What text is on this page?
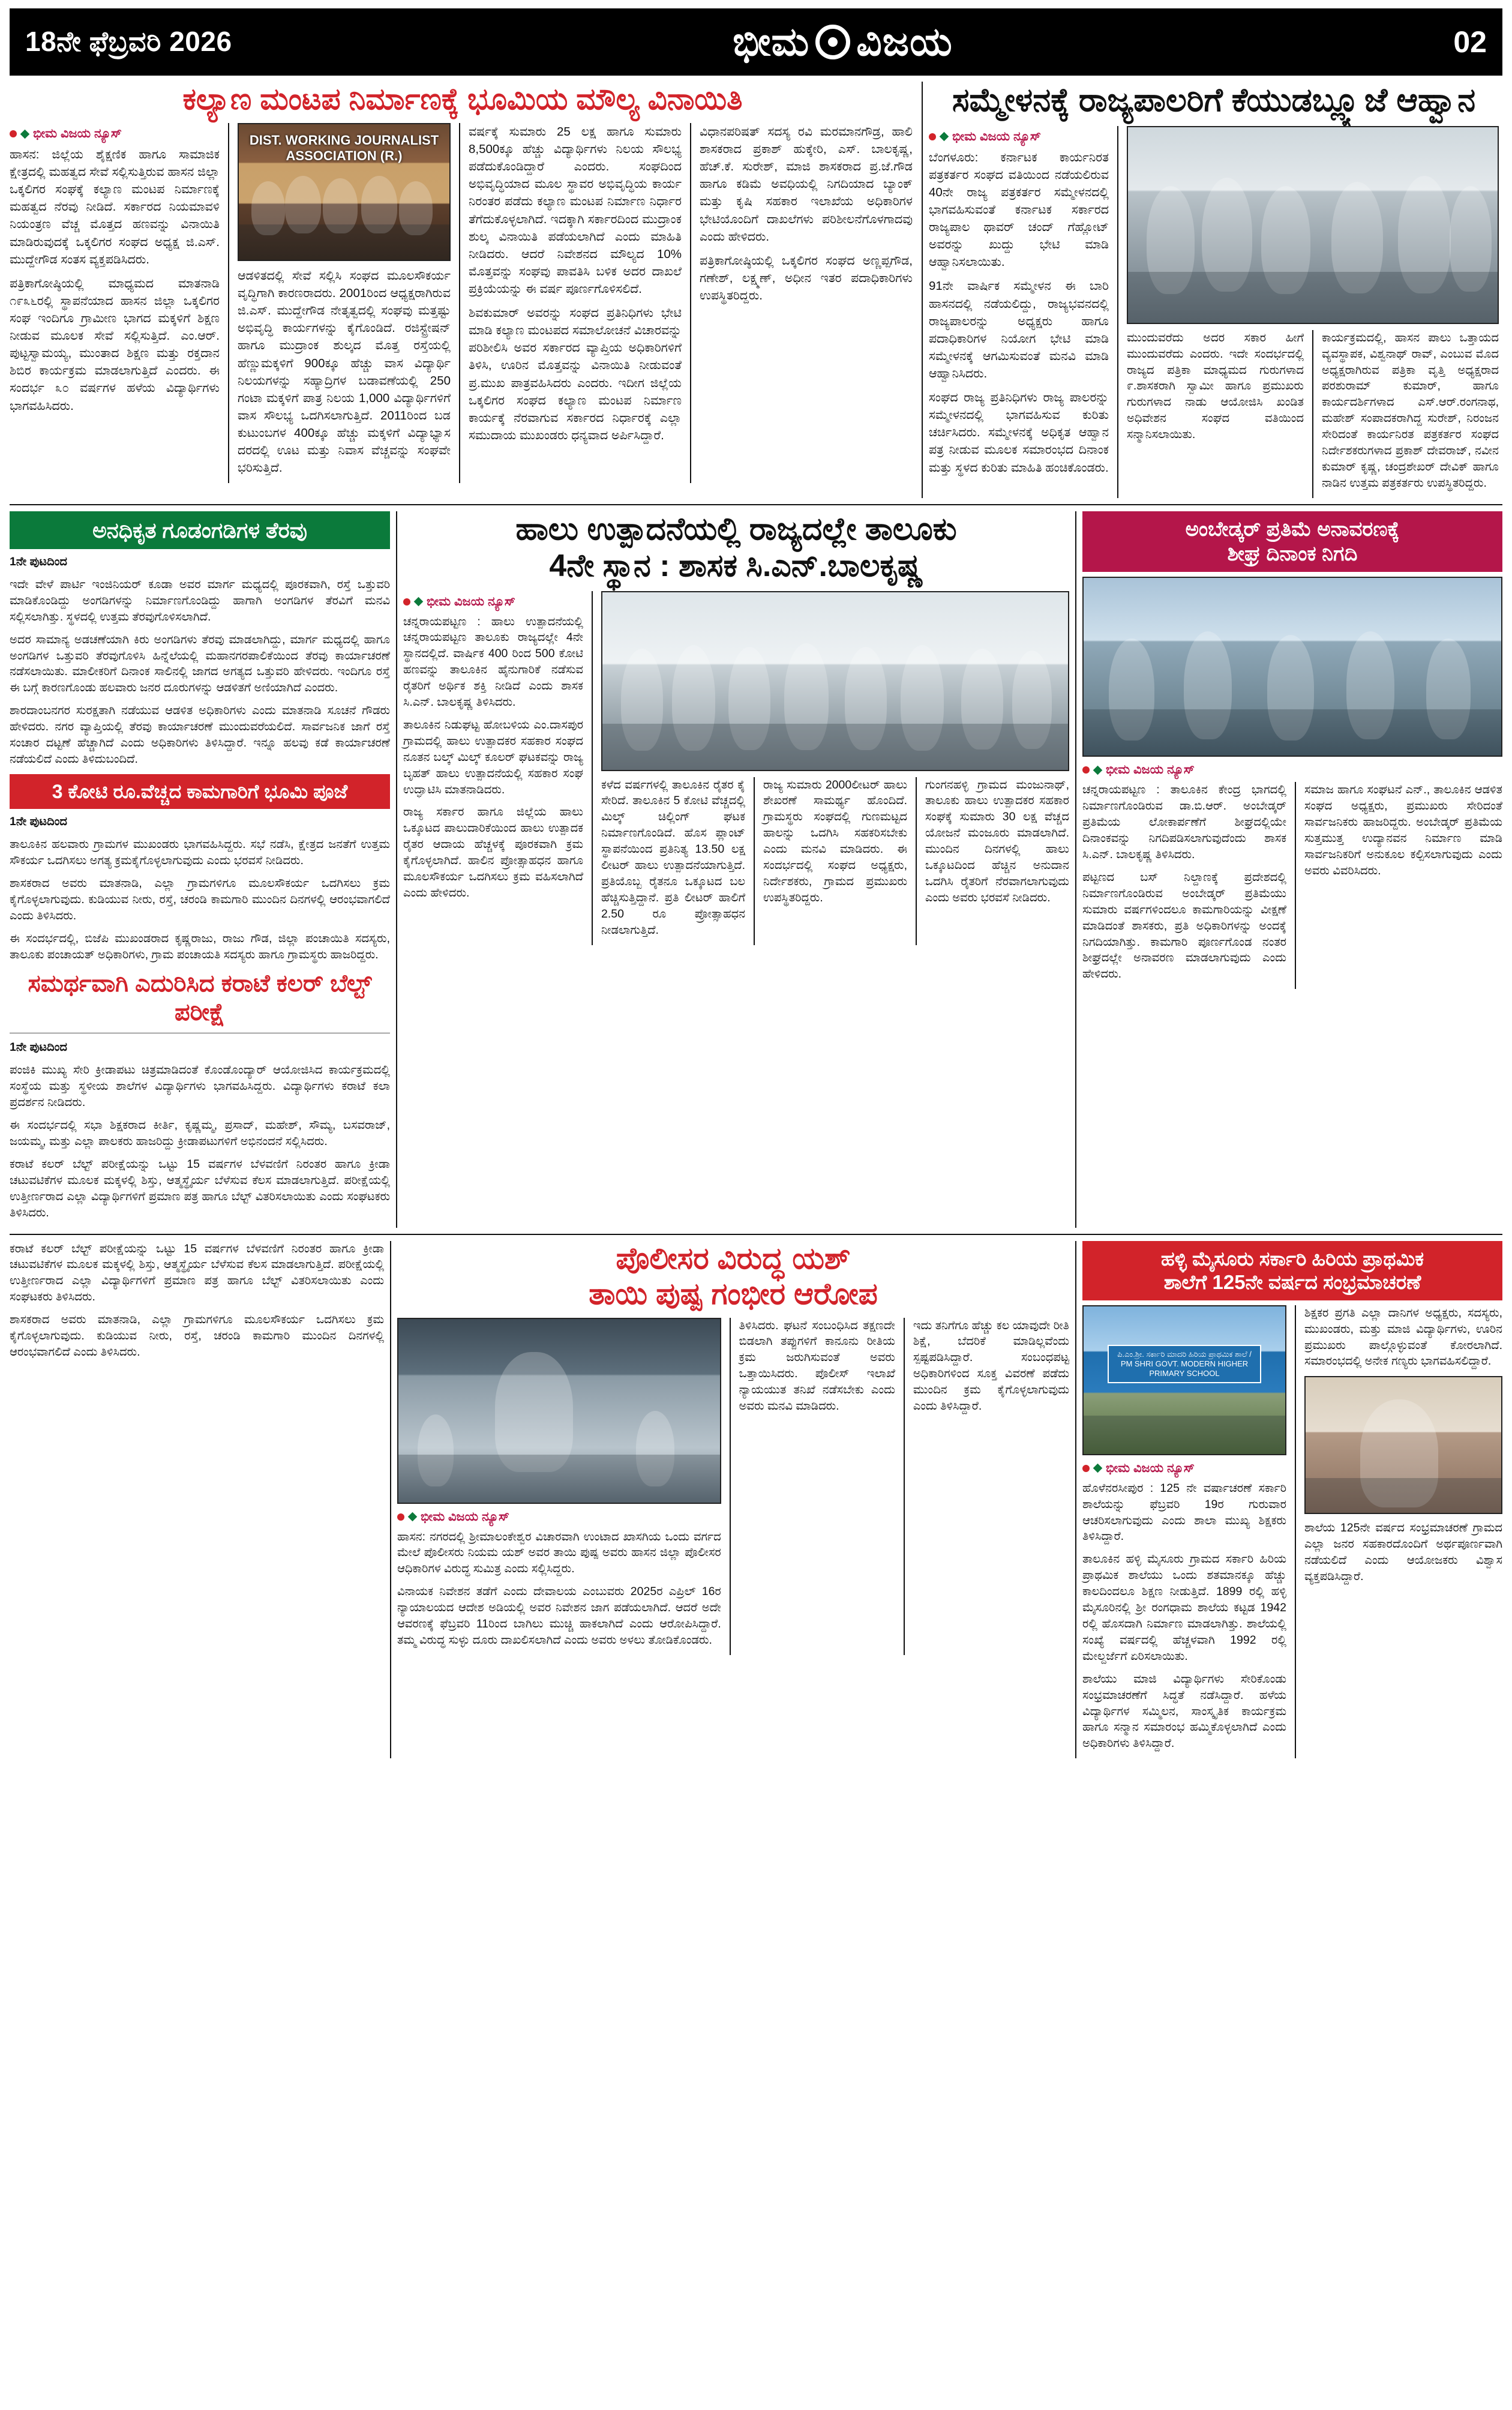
18ನೇ ಫೆಬ್ರವರಿ 2026	ಭೀಮ ವಿಜಯ	02
ಕಲ್ಯಾಣ ಮಂಟಪ ನಿರ್ಮಾಣಕ್ಕೆ ಭೂಮಿಯ ಮೌಲ್ಯ ವಿನಾಯಿತಿ
ಭೀಮ ವಿಜಯ ನ್ಯೂಸ್

ಹಾಸನ: ಜಿಲ್ಲೆಯ ಶೈಕ್ಷಣಿಕ ಹಾಗೂ ಸಾಮಾಜಿಕ ಕ್ಷೇತ್ರದಲ್ಲಿ ಮಹತ್ವದ ಸೇವೆ ಸಲ್ಲಿಸುತ್ತಿರುವ ಹಾಸನ ಜಿಲ್ಲಾ ಒಕ್ಕಲಿಗರ ಸಂಘಕ್ಕೆ ಕಲ್ಯಾಣ ಮಂಟಪ ನಿರ್ಮಾಣಕ್ಕೆ ಮಹತ್ವದ ನೆರವು ನೀಡಿದೆ. ಸರ್ಕಾರದ ನಿಯಮಾವಳಿ ನಿಯಂತ್ರಣ ವೆಚ್ಚ ಮೊತ್ತದ ಹಣವನ್ನು ವಿನಾಯಿತಿ ಮಾಡಿರುವುದಕ್ಕೆ ಒಕ್ಕಲಿಗರ ಸಂಘದ ಅಧ್ಯಕ್ಷ ಜಿ.ಎಸ್. ಮುದ್ದೇಗೌಡ ಸಂತಸ ವ್ಯಕ್ತಪಡಿಸಿದರು.

ಪತ್ರಿಕಾಗೋಷ್ಠಿಯಲ್ಲಿ ಮಾಧ್ಯಮದ ಮಾತನಾಡಿ ೧೯೩೬ರಲ್ಲಿ ಸ್ಥಾಪನೆಯಾದ ಹಾಸನ ಜಿಲ್ಲಾ ಒಕ್ಕಲಿಗರ ಸಂಘ ಇಂದಿಗೂ ಗ್ರಾಮೀಣ ಭಾಗದ ಮಕ್ಕಳಿಗೆ ಶಿಕ್ಷಣ ನೀಡುವ ಮೂಲಕ ಸೇವೆ ಸಲ್ಲಿಸುತ್ತಿದೆ. ಎಂ.ಆರ್. ಪುಟ್ಟಸ್ವಾಮಯ್ಯ, ಮುಂತಾದ ಶಿಕ್ಷಣ ಮತ್ತು ರಕ್ತದಾನ ಶಿಬಿರ ಕಾರ್ಯಕ್ರಮ ಮಾಡಲಾಗುತ್ತಿದೆ ಎಂದರು. ಈ ಸಂದರ್ಭ ೩೦ ವರ್ಷಗಳ ಹಳೆಯ ವಿದ್ಯಾರ್ಥಿಗಳು ಭಾಗವಹಿಸಿದರು.

DIST. WORKING JOURNALIST ASSOCIATION (R.)

ಆಡಳಿತದಲ್ಲಿ ಸೇವೆ ಸಲ್ಲಿಸಿ ಸಂಘದ ಮೂಲಸೌಕರ್ಯ ವೃದ್ಧಿಗಾಗಿ ಕಾರಣರಾದರು. 2001ರಿಂದ ಆಧ್ಯಕ್ಷರಾಗಿರುವ ಜಿ.ಎಸ್. ಮುದ್ದೇಗೌಡ ನೇತೃತ್ವದಲ್ಲಿ ಸಂಘವು ಮತ್ತಷ್ಟು ಅಭಿವೃದ್ಧಿ ಕಾರ್ಯಗಳನ್ನು ಕೈಗೊಂಡಿದೆ. ರಜಿಸ್ಟ್ರೇಷನ್ ಹಾಗೂ ಮುದ್ರಾಂಕ ಶುಲ್ಕದ ಮೊತ್ತ ರಸ್ತೆಯಲ್ಲಿ ಹೆಣ್ಣುಮಕ್ಕಳಿಗೆ 900ಕ್ಕೂ ಹೆಚ್ಚು ವಾಸ ವಿದ್ಯಾರ್ಥಿ ನಿಲಯಗಳನ್ನು ಸಹ್ಯಾದ್ರಿಗಳ ಬಡಾವಣೆಯಲ್ಲಿ 250 ಗಂಟಾ ಮಕ್ಕಳಿಗೆ ಪಾತ್ರ ನಿಲಯ 1,000 ವಿದ್ಯಾರ್ಥಿಗಳಿಗೆ ವಾಸ ಸೌಲಭ್ಯ ಒದಗಿಸಲಾಗುತ್ತಿದೆ. 2011ರಿಂದ ಬಡ ಕುಟುಂಬಗಳ 400ಕ್ಕೂ ಹೆಚ್ಚು ಮಕ್ಕಳಿಗೆ ವಿದ್ಯಾಭ್ಯಾಸ ದರದಲ್ಲಿ ಊಟ ಮತ್ತು ನಿವಾಸ ವೆಚ್ಚವನ್ನು ಸಂಘವೇ ಭರಿಸುತ್ತಿದೆ.

ವರ್ಷಕ್ಕೆ ಸುಮಾರು 25 ಲಕ್ಷ ಹಾಗೂ ಸುಮಾರು 8,500ಕ್ಕೂ ಹೆಚ್ಚು ವಿದ್ಯಾರ್ಥಿಗಳು ನಿಲಯ ಸೌಲಭ್ಯ ಪಡೆದುಕೊಂಡಿದ್ದಾರೆ ಎಂದರು. ಸಂಘದಿಂದ ಅಭಿವೃದ್ಧಿಯಾದ ಮೂಲ ಸ್ಥಾವರ ಅಭಿವೃದ್ಧಿಯ ಕಾರ್ಯ ನಿರಂತರ ಪಡೆದು ಕಲ್ಯಾಣ ಮಂಟಪ ನಿರ್ಮಾಣ ನಿರ್ಧಾರ ತೆಗೆದುಕೊಳ್ಳಲಾಗಿದೆ. ಇದಕ್ಕಾಗಿ ಸರ್ಕಾರದಿಂದ ಮುದ್ರಾಂಕ ಶುಲ್ಕ ವಿನಾಯಿತಿ ಪಡೆಯಲಾಗಿದೆ ಎಂದು ಮಾಹಿತಿ ನೀಡಿದರು. ಆದರೆ ನಿವೇಶನದ ಮೌಲ್ಯದ 10% ಮೊತ್ತವನ್ನು ಸಂಘವು ಪಾವತಿಸಿ ಬಳಿಕ ಅದರ ದಾಖಲೆ ಪ್ರಕ್ರಿಯೆಯನ್ನು ಈ ವರ್ಷ ಪೂರ್ಣಗೊಳಿಸಲಿದೆ.

ಶಿವಕುಮಾರ್ ಅವರನ್ನು ಸಂಘದ ಪ್ರತಿನಿಧಿಗಳು ಭೇಟಿ ಮಾಡಿ ಕಲ್ಯಾಣ ಮಂಟಪದ ಸಮಾಲೋಚನೆ ವಿಚಾರವನ್ನು ಪರಿಶೀಲಿಸಿ ಅವರ ಸರ್ಕಾರದ ವ್ಯಾಪ್ತಿಯ ಅಧಿಕಾರಿಗಳಿಗೆ ತಿಳಿಸಿ, ಊರಿನ ಮೊತ್ತವನ್ನು ವಿನಾಯಿತಿ ನೀಡುವಂತೆ ಪ್ರ.ಮುಖ ಪಾತ್ರವಹಿಸಿದರು ಎಂದರು. ಇದೀಗ ಜಿಲ್ಲೆಯ ಒಕ್ಕಲಿಗರ ಸಂಘದ ಕಲ್ಯಾಣ ಮಂಟಪ ನಿರ್ಮಾಣ ಕಾರ್ಯಕ್ಕೆ ನೆರವಾಗುವ ಸರ್ಕಾರದ ನಿರ್ಧಾರಕ್ಕೆ ಎಲ್ಲಾ ಸಮುದಾಯ ಮುಖಂಡರು ಧನ್ಯವಾದ ಅರ್ಪಿಸಿದ್ದಾರೆ.

ವಿಧಾನಪರಿಷತ್ ಸದಸ್ಯ ರವಿ ಮರಮಾನಗೌಡ್ರ, ಹಾಲಿ ಶಾಸಕರಾದ ಪ್ರಕಾಶ್ ಹುಕ್ಕೇರಿ, ಎಸ್. ಬಾಲಕೃಷ್ಣ, ಹೆಚ್.ಕೆ. ಸುರೇಶ್, ಮಾಜಿ ಶಾಸಕರಾದ ಪ್ರ.ಜೆ.ಗೌಡ ಹಾಗೂ ಕಡಿಮೆ ಅವಧಿಯಲ್ಲಿ ನಿಗದಿಯಾದ ಬ್ಯಾಂಕ್ ಮತ್ತು ಕೃಷಿ ಸಹಕಾರ ಇಲಾಖೆಯ ಅಧಿಕಾರಿಗಳ ಭೇಟಿಯೊಂದಿಗೆ ದಾಖಲೆಗಳು ಪರಿಶೀಲನೆಗೊಳಗಾದವು ಎಂದು ಹೇಳಿದರು.

ಪತ್ರಿಕಾಗೋಷ್ಠಿಯಲ್ಲಿ ಒಕ್ಕಲಿಗರ ಸಂಘದ ಅಣ್ಣಪ್ಪಗೌಡ, ಗಣೇಶ್, ಲಕ್ಷ್ಮಣ್, ಅಧೀನ ಇತರ ಪದಾಧಿಕಾರಿಗಳು ಉಪಸ್ಥಿತರಿದ್ದರು.

ಸಮ್ಮೇಳನಕ್ಕೆ ರಾಜ್ಯಪಾಲರಿಗೆ ಕೆಯುಡಬ್ಲ್ಯೂಜೆ ಆಹ್ವಾನ
ಭೀಮ ವಿಜಯ ನ್ಯೂಸ್

ಬೆಂಗಳೂರು: ಕರ್ನಾಟಕ ಕಾರ್ಯನಿರತ ಪತ್ರಕರ್ತರ ಸಂಘದ ವತಿಯಿಂದ ನಡೆಯಲಿರುವ 40ನೇ ರಾಜ್ಯ ಪತ್ರಕರ್ತರ ಸಮ್ಮೇಳನದಲ್ಲಿ ಭಾಗವಹಿಸುವಂತೆ ಕರ್ನಾಟಕ ಸರ್ಕಾರದ ರಾಜ್ಯಪಾಲ ಥಾವರ್ ಚಂದ್ ಗೆಹ್ಲೋಟ್ ಅವರನ್ನು ಖುದ್ದು ಭೇಟಿ ಮಾಡಿ ಆಹ್ವಾನಿಸಲಾಯಿತು.

91ನೇ ವಾರ್ಷಿಕ ಸಮ್ಮೇಳನ ಈ ಬಾರಿ ಹಾಸನದಲ್ಲಿ ನಡೆಯಲಿದ್ದು, ರಾಜ್ಯಭವನದಲ್ಲಿ ರಾಜ್ಯಪಾಲರನ್ನು ಅಧ್ಯಕ್ಷರು ಹಾಗೂ ಪದಾಧಿಕಾರಿಗಳ ನಿಯೋಗ ಭೇಟಿ ಮಾಡಿ ಸಮ್ಮೇಳನಕ್ಕೆ ಆಗಮಿಸುವಂತೆ ಮನವಿ ಮಾಡಿ ಆಹ್ವಾನಿಸಿದರು.

ಸಂಘದ ರಾಜ್ಯ ಪ್ರತಿನಿಧಿಗಳು ರಾಜ್ಯ ಪಾಲರನ್ನು ಸಮ್ಮೇಳನದಲ್ಲಿ ಭಾಗವಹಿಸುವ ಕುರಿತು ಚರ್ಚಿಸಿದರು. ಸಮ್ಮೇಳನಕ್ಕೆ ಅಧಿಕೃತ ಆಹ್ವಾನ ಪತ್ರ ನೀಡುವ ಮೂಲಕ ಸಮಾರಂಭದ ದಿನಾಂಕ ಮತ್ತು ಸ್ಥಳದ ಕುರಿತು ಮಾಹಿತಿ ಹಂಚಿಕೊಂಡರು.

ಮುಂದುವರೆದು ಅದರ ಸಕಾರ ಹೀಗೆ ಮುಂದುವರೆದು ಎಂದರು. ಇದೇ ಸಂದರ್ಭದಲ್ಲಿ ರಾಜ್ಯದ ಪತ್ರಿಕಾ ಮಾಧ್ಯಮದ ಗುರುಗಳಾದ ೯.ಶಾಸಕರಾಗಿ ಸ್ವಾಮೀ ಹಾಗೂ ಪ್ರಮುಖರು ಗುರುಗಳಾದ ನಾಡು ಆಯೋಜಿಸಿ ಖಂಡಿತ ಅಧಿವೇಶನ ಸಂಘದ ವತಿಯಿಂದ ಸನ್ಮಾನಿಸಲಾಯಿತು.

ಕಾರ್ಯಕ್ರಮದಲ್ಲಿ, ಹಾಸನ ಪಾಲು ಒತ್ತಾಯದ ವ್ಯವಸ್ಥಾಪಕ, ವಿಶ್ವನಾಥ್ ರಾವ್, ಎಂಬುವ ಮೊದ ಅಧ್ಯಕ್ಷರಾಗಿರುವ ಪತ್ರಿಕಾ ವೃತ್ತಿ ಅಧ್ಯಕ್ಷರಾದ ಪರಶುರಾಮ್ ಕುಮಾರ್, ಹಾಗೂ ಕಾರ್ಯದರ್ಶಿಗಳಾದ ಎಸ್.ಆರ್.ರಂಗನಾಥ, ಮಹೇಶ್ ಸಂಪಾದಕರಾಗಿದ್ದ ಸುರೇಶ್, ನಿರಂಜನ ಸೇರಿದಂತೆ ಕಾರ್ಯನಿರತ ಪತ್ರಕರ್ತರ ಸಂಘದ ನಿರ್ದೇಶಕರುಗಳಾದ ಪ್ರಕಾಶ್ ದೇವರಾಜ್, ನವೀನ ಕುಮಾರ್ ಕೃಷ್ಣ, ಚಂದ್ರಶೇಖರ್ ದೇವಿಕ್ ಹಾಗೂ ನಾಡಿನ ಉತ್ತಮ ಪತ್ರಕರ್ತರು ಉಪಸ್ಥಿತರಿದ್ದರು.

ಅನಧಿಕೃತ ಗೂಡಂಗಡಿಗಳ ತೆರವು

1ನೇ ಪುಟದಿಂದ

ಇದೇ ವೇಳೆ ಪಾರ್ಟಿ ಇಂಜಿನಿಯರ್ ಕೂಡಾ ಅವರ ಮಾರ್ಗ ಮಧ್ಯದಲ್ಲಿ ಪೂರಕವಾಗಿ, ರಸ್ತೆ ಒತ್ತುವರಿ ಮಾಡಿಕೊಂಡಿದ್ದು ಅಂಗಡಿಗಳನ್ನು ನಿರ್ಮಾಣಗೊಂಡಿದ್ದು ಹಾಗಾಗಿ ಅಂಗಡಿಗಳ ತೆರವಿಗೆ ಮನವಿ ಸಲ್ಲಿಸಲಾಗಿತ್ತು. ಸ್ಥಳದಲ್ಲಿ ಉತ್ತಮ ತೆರವುಗೊಳಿಸಲಾಗಿದೆ.

ಅದರ ಸಾಮಾನ್ಯ ಅಡಚಣೆಯಾಗಿ ಕಿರು ಅಂಗಡಿಗಳು ತೆರವು ಮಾಡಲಾಗಿದ್ದು, ಮಾರ್ಗ ಮಧ್ಯದಲ್ಲಿ ಹಾಗೂ ಅಂಗಡಿಗಳ ಒತ್ತುವರಿ ತೆರವುಗೊಳಿಸಿ ಹಿನ್ನೆಲೆಯಲ್ಲಿ ಮಹಾನಗರಪಾಲಿಕೆಯಿಂದ ತೆರವು ಕಾರ್ಯಾಚರಣೆ ನಡೆಸಲಾಯಿತು. ಮಾಲೀಕರಿಗೆ ದಿನಾಂಕ ಸಾಲಿನಲ್ಲಿ ಜಾಗದ ಅಗತ್ಯದ ಒತ್ತುವರಿ ಹೇಳಿದರು. ಇಂದಿಗೂ ರಸ್ತೆ ಈ ಬಗ್ಗೆ ಕಾರಣಗೊಂಡು ಹಲವಾರು ಜನರ ದೂರುಗಳನ್ನು ಆಡಳಿತಗೆ ಅಣಿಯಾಗಿದೆ ಎಂದರು.

ಶಾರದಾಂಬನಗರ ಸುರಕ್ಷತಾಗಿ ನಡೆಯುವ ಆಡಳಿತ ಅಧಿಕಾರಿಗಳು ಎಂದು ಮಾತನಾಡಿ ಸೂಚನೆ ಗೌಡರು ಹೇಳಿದರು. ನಗರ ವ್ಯಾಪ್ತಿಯಲ್ಲಿ ತೆರವು ಕಾರ್ಯಾಚರಣೆ ಮುಂದುವರೆಯಲಿದೆ. ಸಾರ್ವಜನಿಕ ಜಾಗೆ ರಸ್ತೆ ಸಂಚಾರ ದಟ್ಟಣೆ ಹೆಚ್ಚಾಗಿದೆ ಎಂದು ಅಧಿಕಾರಿಗಳು ತಿಳಿಸಿದ್ದಾರೆ. ಇನ್ನೂ ಹಲವು ಕಡೆ ಕಾರ್ಯಾಚರಣೆ ನಡೆಯಲಿದೆ ಎಂದು ತಿಳಿದುಬಂದಿದೆ.

3 ಕೋಟಿ ರೂ.ವೆಚ್ಚದ ಕಾಮಗಾರಿಗೆ ಭೂಮಿ ಪೂಜೆ

1ನೇ ಪುಟದಿಂದ

ತಾಲೂಕಿನ ಹಲವಾರು ಗ್ರಾಮಗಳ ಮುಖಂಡರು ಭಾಗವಹಿಸಿದ್ದರು. ಸಭೆ ನಡೆಸಿ, ಕ್ಷೇತ್ರದ ಜನತೆಗೆ ಉತ್ತಮ ಸೌಕರ್ಯ ಒದಗಿಸಲು ಅಗತ್ಯ ಕ್ರಮಕೈಗೊಳ್ಳಲಾಗುವುದು ಎಂದು ಭರವಸೆ ನೀಡಿದರು.

ಶಾಸಕರಾದ ಅವರು ಮಾತನಾಡಿ, ಎಲ್ಲಾ ಗ್ರಾಮಗಳಿಗೂ ಮೂಲಸೌಕರ್ಯ ಒದಗಿಸಲು ಕ್ರಮ ಕೈಗೊಳ್ಳಲಾಗುವುದು. ಕುಡಿಯುವ ನೀರು, ರಸ್ತೆ, ಚರಂಡಿ ಕಾಮಗಾರಿ ಮುಂದಿನ ದಿನಗಳಲ್ಲಿ ಆರಂಭವಾಗಲಿದೆ ಎಂದು ತಿಳಿಸಿದರು.

ಈ ಸಂದರ್ಭದಲ್ಲಿ, ಬಿಜೆಪಿ ಮುಖಂಡರಾದ ಕೃಷ್ಣರಾಜು, ರಾಜು ಗೌಡ, ಜಿಲ್ಲಾ ಪಂಚಾಯಿತಿ ಸದಸ್ಯರು, ತಾಲೂಕು ಪಂಚಾಯತ್ ಅಧಿಕಾರಿಗಳು, ಗ್ರಾಮ ಪಂಚಾಯತಿ ಸದಸ್ಯರು ಹಾಗೂ ಗ್ರಾಮಸ್ಥರು ಹಾಜರಿದ್ದರು.

ಸಮರ್ಥವಾಗಿ ಎದುರಿಸಿದ ಕರಾಟೆ ಕಲರ್ ಬೆಲ್ಟ್ ಪರೀಕ್ಷೆ

1ನೇ ಪುಟದಿಂದ

ಪಂಜಿಕಿ ಮುಖ್ಯ ಸೇರಿ ಕ್ರೀಡಾಪಟು ಚಿತ್ರಮಾಡಿದಂತೆ ಕೊಂಡೊಂದ್ಯಾರ್ ಆಯೋಜಿಸಿದ ಕಾರ್ಯಕ್ರಮದಲ್ಲಿ ಸಂಸ್ಥೆಯ ಮತ್ತು ಸ್ಥಳೀಯ ಶಾಲೆಗಳ ವಿದ್ಯಾರ್ಥಿಗಳು ಭಾಗವಹಿಸಿದ್ದರು. ವಿದ್ಯಾರ್ಥಿಗಳು ಕರಾಟೆ ಕಲಾ ಪ್ರದರ್ಶನ ನೀಡಿದರು.

ಈ ಸಂದರ್ಭದಲ್ಲಿ ಸಭಾ ಶಿಕ್ಷಕರಾದ ಕೀರ್ತಿ, ಕೃಷ್ಣಮ್ಮ, ಪ್ರಸಾದ್, ಮಹೇಶ್, ಸೌಮ್ಯ, ಬಸವರಾಜ್, ಜಯಮ್ಮ, ಮತ್ತು ಎಲ್ಲಾ ಪಾಲಕರು ಹಾಜರಿದ್ದು ಕ್ರೀಡಾಪಟುಗಳಿಗೆ ಅಭಿನಂದನೆ ಸಲ್ಲಿಸಿದರು.

ಕರಾಟೆ ಕಲರ್ ಬೆಲ್ಟ್ ಪರೀಕ್ಷೆಯನ್ನು ಒಟ್ಟು 15 ವರ್ಷಗಳ ಬೆಳವಣಿಗೆ ನಿರಂತರ ಹಾಗೂ ಕ್ರೀಡಾ ಚಟುವಟಿಕೆಗಳ ಮೂಲಕ ಮಕ್ಕಳಲ್ಲಿ ಶಿಸ್ತು, ಆತ್ಮಸ್ಥೈರ್ಯ ಬೆಳೆಸುವ ಕೆಲಸ ಮಾಡಲಾಗುತ್ತಿದೆ. ಪರೀಕ್ಷೆಯಲ್ಲಿ ಉತ್ತೀರ್ಣರಾದ ಎಲ್ಲಾ ವಿದ್ಯಾರ್ಥಿಗಳಿಗೆ ಪ್ರಮಾಣ ಪತ್ರ ಹಾಗೂ ಬೆಲ್ಟ್ ವಿತರಿಸಲಾಯಿತು ಎಂದು ಸಂಘಟಕರು ತಿಳಿಸಿದರು.

ಹಾಲು ಉತ್ಪಾದನೆಯಲ್ಲಿ ರಾಜ್ಯದಲ್ಲೇ ತಾಲೂಕು
4ನೇ ಸ್ಥಾನ : ಶಾಸಕ ಸಿ.ಎನ್.ಬಾಲಕೃಷ್ಣ
ಭೀಮ ವಿಜಯ ನ್ಯೂಸ್

ಚನ್ನರಾಯಪಟ್ಟಣ : ಹಾಲು ಉತ್ಪಾದನೆಯಲ್ಲಿ ಚನ್ನರಾಯಪಟ್ಟಣ ತಾಲೂಕು ರಾಜ್ಯದಲ್ಲೇ 4ನೇ ಸ್ಥಾನದಲ್ಲಿದೆ. ವಾರ್ಷಿಕ 400 ರಿಂದ 500 ಕೋಟಿ ಹಣವನ್ನು ತಾಲೂಕಿನ ಹೈನುಗಾರಿಕೆ ನಡೆಸುವ ರೈತರಿಗೆ ಅರ್ಥಿಕ ಶಕ್ತಿ ನೀಡಿದೆ ಎಂದು ಶಾಸಕ ಸಿ.ಎನ್. ಬಾಲಕೃಷ್ಣ ತಿಳಿಸಿದರು.

ತಾಲೂಕಿನ ನಿಡುಘಟ್ಟ ಹೋಬಳಿಯ ಎಂ.ದಾಸಪುರ ಗ್ರಾಮದಲ್ಲಿ ಹಾಲು ಉತ್ಪಾದಕರ ಸಹಕಾರ ಸಂಘದ ನೂತನ ಬಲ್ಕ್ ಮಿಲ್ಕ್ ಕೂಲರ್ ಘಟಕವನ್ನು ರಾಜ್ಯ ಬೃಹತ್ ಹಾಲು ಉತ್ಪಾದನೆಯಲ್ಲಿ ಸಹಕಾರ ಸಂಘ ಉದ್ಘಾಟಿಸಿ ಮಾತನಾಡಿದರು.

ರಾಜ್ಯ ಸರ್ಕಾರ ಹಾಗೂ ಜಿಲ್ಲೆಯ ಹಾಲು ಒಕ್ಕೂಟದ ಪಾಲುದಾರಿಕೆಯಿಂದ ಹಾಲು ಉತ್ಪಾದಕ ರೈತರ ಆದಾಯ ಹೆಚ್ಚಳಕ್ಕೆ ಪೂರಕವಾಗಿ ಕ್ರಮ ಕೈಗೊಳ್ಳಲಾಗಿದೆ. ಹಾಲಿನ ಪ್ರೋತ್ಸಾಹಧನ ಹಾಗೂ ಮೂಲಸೌಕರ್ಯ ಒದಗಿಸಲು ಕ್ರಮ ವಹಿಸಲಾಗಿದೆ ಎಂದು ಹೇಳಿದರು.

ಕಳೆದ ವರ್ಷಗಳಲ್ಲಿ ತಾಲೂಕಿನ ರೈತರ ಕೈ ಸೇರಿದೆ. ತಾಲೂಕಿನ 5 ಕೋಟಿ ವೆಚ್ಚದಲ್ಲಿ ಮಿಲ್ಕ್ ಚಿಲ್ಲಿಂಗ್ ಘಟಕ ನಿರ್ಮಾಣಗೊಂಡಿದೆ. ಹೊಸ ಪ್ಲಾಂಟ್ ಸ್ಥಾಪನೆಯಿಂದ ಪ್ರತಿನಿತ್ಯ 13.50 ಲಕ್ಷ ಲೀಟರ್ ಹಾಲು ಉತ್ಪಾದನೆಯಾಗುತ್ತಿದೆ. ಪ್ರತಿಯೊಬ್ಬ ರೈತನೂ ಒಕ್ಕೂಟದ ಬಲ ಹೆಚ್ಚಿಸುತ್ತಿದ್ದಾನೆ. ಪ್ರತಿ ಲೀಟರ್ ಹಾಲಿಗೆ 2.50 ರೂ ಪ್ರೋತ್ಸಾಹಧನ ನೀಡಲಾಗುತ್ತಿದೆ.

ರಾಜ್ಯ ಸುಮಾರು 2000ಲೀಟರ್ ಹಾಲು ಶೇಖರಣೆ ಸಾಮರ್ಥ್ಯ ಹೊಂದಿದೆ. ಗ್ರಾಮಸ್ಥರು ಸಂಘದಲ್ಲಿ ಗುಣಮಟ್ಟದ ಹಾಲನ್ನು ಒದಗಿಸಿ ಸಹಕರಿಸಬೇಕು ಎಂದು ಮನವಿ ಮಾಡಿದರು. ಈ ಸಂದರ್ಭದಲ್ಲಿ ಸಂಘದ ಅಧ್ಯಕ್ಷರು, ನಿರ್ದೇಶಕರು, ಗ್ರಾಮದ ಪ್ರಮುಖರು ಉಪಸ್ಥಿತರಿದ್ದರು.

ಗುಂಗನಹಳ್ಳಿ ಗ್ರಾಮದ ಮಂಜುನಾಥ್, ತಾಲೂಕು ಹಾಲು ಉತ್ಪಾದಕರ ಸಹಕಾರ ಸಂಘಕ್ಕೆ ಸುಮಾರು 30 ಲಕ್ಷ ವೆಚ್ಚದ ಯೋಜನೆ ಮಂಜೂರು ಮಾಡಲಾಗಿದೆ. ಮುಂದಿನ ದಿನಗಳಲ್ಲಿ ಹಾಲು ಒಕ್ಕೂಟದಿಂದ ಹೆಚ್ಚಿನ ಅನುದಾನ ಒದಗಿಸಿ ರೈತರಿಗೆ ನೆರವಾಗಲಾಗುವುದು ಎಂದು ಅವರು ಭರವಸೆ ನೀಡಿದರು.

ಅಂಬೇಡ್ಕರ್ ಪ್ರತಿಮೆ ಅನಾವರಣಕ್ಕೆ
ಶೀಘ್ರ ದಿನಾಂಕ ನಿಗದಿ
ಭೀಮ ವಿಜಯ ನ್ಯೂಸ್

ಚನ್ನರಾಯಪಟ್ಟಣ : ತಾಲೂಕಿನ ಕೇಂದ್ರ ಭಾಗದಲ್ಲಿ ನಿರ್ಮಾಣಗೊಂಡಿರುವ ಡಾ.ಬಿ.ಆರ್. ಅಂಬೇಡ್ಕರ್ ಪ್ರತಿಮೆಯ ಲೋಕಾರ್ಪಣೆಗೆ ಶೀಘ್ರದಲ್ಲಿಯೇ ದಿನಾಂಕವನ್ನು ನಿಗದಿಪಡಿಸಲಾಗುವುದೆಂದು ಶಾಸಕ ಸಿ.ಎನ್. ಬಾಲಕೃಷ್ಣ ತಿಳಿಸಿದರು.

ಪಟ್ಟಣದ ಬಸ್ ನಿಲ್ದಾಣಕ್ಕೆ ಪ್ರದೇಶದಲ್ಲಿ ನಿರ್ಮಾಣಗೊಂಡಿರುವ ಅಂಬೇಡ್ಕರ್ ಪ್ರತಿಮೆಯು ಸುಮಾರು ವರ್ಷಗಳಿಂದಲೂ ಕಾಮಗಾರಿಯನ್ನು ವೀಕ್ಷಣೆ ಮಾಡಿದಂತೆ ಶಾಸಕರು, ಪ್ರತಿ ಅಧಿಕಾರಿಗಳನ್ನು ಅಂದಕ್ಕೆ ನಿಗದಿಯಾಗಿತ್ತು. ಕಾಮಗಾರಿ ಪೂರ್ಣಗೊಂಡ ನಂತರ ಶೀಘ್ರದಲ್ಲೇ ಅನಾವರಣ ಮಾಡಲಾಗುವುದು ಎಂದು ಹೇಳಿದರು.

ಸಮಾಜ ಹಾಗೂ ಸಂಘಟನೆ ಎನ್., ತಾಲೂಕಿನ ಆಡಳಿತ ಸಂಘದ ಅಧ್ಯಕ್ಷರು, ಪ್ರಮುಖರು ಸೇರಿದಂತೆ ಸಾರ್ವಜನಿಕರು ಹಾಜರಿದ್ದರು. ಅಂಬೇಡ್ಕರ್ ಪ್ರತಿಮೆಯ ಸುತ್ತಮುತ್ತ ಉದ್ಯಾನವನ ನಿರ್ಮಾಣ ಮಾಡಿ ಸಾರ್ವಜನಿಕರಿಗೆ ಅನುಕೂಲ ಕಲ್ಪಿಸಲಾಗುವುದು ಎಂದು ಅವರು ವಿವರಿಸಿದರು.

ಕರಾಟೆ ಕಲರ್ ಬೆಲ್ಟ್ ಪರೀಕ್ಷೆಯನ್ನು ಒಟ್ಟು 15 ವರ್ಷಗಳ ಬೆಳವಣಿಗೆ ನಿರಂತರ ಹಾಗೂ ಕ್ರೀಡಾ ಚಟುವಟಿಕೆಗಳ ಮೂಲಕ ಮಕ್ಕಳಲ್ಲಿ ಶಿಸ್ತು, ಆತ್ಮಸ್ಥೈರ್ಯ ಬೆಳೆಸುವ ಕೆಲಸ ಮಾಡಲಾಗುತ್ತಿದೆ. ಪರೀಕ್ಷೆಯಲ್ಲಿ ಉತ್ತೀರ್ಣರಾದ ಎಲ್ಲಾ ವಿದ್ಯಾರ್ಥಿಗಳಿಗೆ ಪ್ರಮಾಣ ಪತ್ರ ಹಾಗೂ ಬೆಲ್ಟ್ ವಿತರಿಸಲಾಯಿತು ಎಂದು ಸಂಘಟಕರು ತಿಳಿಸಿದರು.

ಶಾಸಕರಾದ ಅವರು ಮಾತನಾಡಿ, ಎಲ್ಲಾ ಗ್ರಾಮಗಳಿಗೂ ಮೂಲಸೌಕರ್ಯ ಒದಗಿಸಲು ಕ್ರಮ ಕೈಗೊಳ್ಳಲಾಗುವುದು. ಕುಡಿಯುವ ನೀರು, ರಸ್ತೆ, ಚರಂಡಿ ಕಾಮಗಾರಿ ಮುಂದಿನ ದಿನಗಳಲ್ಲಿ ಆರಂಭವಾಗಲಿದೆ ಎಂದು ತಿಳಿಸಿದರು.

ಪೊಲೀಸರ ವಿರುದ್ಧ ಯಶ್
ತಾಯಿ ಪುಷ್ಪ ಗಂಭೀರ ಆರೋಪ
ಭೀಮ ವಿಜಯ ನ್ಯೂಸ್

ಹಾಸನ: ನಗರದಲ್ಲಿ ಶ್ರೀಮಾಲಂಕೇಶ್ವರ ವಿಚಾರವಾಗಿ ಉಂಟಾದ ಖಾಸಗಿಯ ಒಂದು ವರ್ಗದ ಮೇಲೆ ಪೊಲೀಸರು ನಿಯಮ ಯಶ್ ಅವರ ತಾಯಿ ಪುಷ್ಪ ಅವರು ಹಾಸನ ಜಿಲ್ಲಾ ಪೊಲೀಸರ ಆಧಿಕಾರಿಗಳ ವಿರುದ್ಧ ಸುಮಿತ್ರ ಎಂದು ಸಲ್ಲಿಸಿದ್ದರು.

ವಿನಾಯಕ ನಿವೇಶನ ತಡೆಗೆ ಎಂದು ದೇವಾಲಯ ಎಂಬುವರು 2025ರ ಎಪ್ರಿಲ್ 16ರ ನ್ಯಾಯಾಲಯದ ಆದೇಶ ಅಡಿಯಲ್ಲಿ ಅವರ ನಿವೇಶನ ಜಾಗ ಪಡೆಯಲಾಗಿದೆ. ಆದರೆ ಅದೇ ಆವರಣಕ್ಕೆ ಫೆಬ್ರವರಿ 11ರಿಂದ ಬಾಗಿಲು ಮುಚ್ಚಿ ಹಾಕಲಾಗಿದೆ ಎಂದು ಆರೋಪಿಸಿದ್ದಾರೆ. ತಮ್ಮ ವಿರುದ್ಧ ಸುಳ್ಳು ದೂರು ದಾಖಲಿಸಲಾಗಿದೆ ಎಂದು ಅವರು ಅಳಲು ತೋಡಿಕೊಂಡರು.

ತಿಳಿಸಿದರು. ಘಟನೆ ಸಂಬಂಧಿಸಿದ ತಕ್ಷಣದೇ ಬಿಡಲಾಗಿ ತಪ್ಪುಗಳಿಗೆ ಕಾನೂನು ರೀತಿಯ ಕ್ರಮ ಜರುಗಿಸುವಂತೆ ಅವರು ಒತ್ತಾಯಿಸಿದರು. ಪೊಲೀಸ್ ಇಲಾಖೆ ನ್ಯಾಯಯುತ ತನಿಖೆ ನಡೆಸಬೇಕು ಎಂದು ಅವರು ಮನವಿ ಮಾಡಿದರು.

ಇದು ತನಿಗೆಗೂ ಹೆಚ್ಚು ಕಲ ಯಾವುದೇ ರೀತಿ ಶಿಕ್ಷೆ, ಬೆದರಿಕೆ ಮಾಡಿಲ್ಲವೆಂದು ಸ್ಪಷ್ಟಪಡಿಸಿದ್ದಾರೆ. ಸಂಬಂಧಪಟ್ಟ ಅಧಿಕಾರಿಗಳಿಂದ ಸೂಕ್ತ ವಿವರಣೆ ಪಡೆದು ಮುಂದಿನ ಕ್ರಮ ಕೈಗೊಳ್ಳಲಾಗುವುದು ಎಂದು ತಿಳಿಸಿದ್ದಾರೆ.

ಹಳ್ಳಿ ಮೈಸೂರು ಸರ್ಕಾರಿ ಹಿರಿಯ ಪ್ರಾಥಮಿಕ
ಶಾಲೆಗೆ 125ನೇ ವರ್ಷದ ಸಂಭ್ರಮಾಚರಣೆ
ಪಿ.ಎಂ.ಶ್ರೀ. ಸರ್ಕಾರಿ ಮಾದರಿ ಹಿರಿಯ ಪ್ರಾಥಮಿಕ ಶಾಲೆ / PM SHRI GOVT. MODERN HIGHER PRIMARY SCHOOL
ಭೀಮ ವಿಜಯ ನ್ಯೂಸ್

ಹೊಳೆನರಸೀಪುರ : 125 ನೇ ವರ್ಷಾಚರಣೆ ಸರ್ಕಾರಿ ಶಾಲೆಯನ್ನು ಫೆಬ್ರವರಿ 19ರ ಗುರುವಾರ ಆಚರಿಸಲಾಗುವುದು ಎಂದು ಶಾಲಾ ಮುಖ್ಯ ಶಿಕ್ಷಕರು ತಿಳಿಸಿದ್ದಾರೆ.

ತಾಲೂಕಿನ ಹಳ್ಳಿ ಮೈಸೂರು ಗ್ರಾಮದ ಸರ್ಕಾರಿ ಹಿರಿಯ ಪ್ರಾಥಮಿಕ ಶಾಲೆಯು ಒಂದು ಶತಮಾನಕ್ಕೂ ಹೆಚ್ಚು ಕಾಲದಿಂದಲೂ ಶಿಕ್ಷಣ ನೀಡುತ್ತಿದೆ. 1899 ರಲ್ಲಿ ಹಳ್ಳಿ ಮೈಸೂರಿನಲ್ಲಿ ಶ್ರೀ ರಂಗಧಾಮ ಶಾಲೆಯ ಕಟ್ಟಡ 1942 ರಲ್ಲಿ ಹೊಸದಾಗಿ ನಿರ್ಮಾಣ ಮಾಡಲಾಗಿತ್ತು. ಶಾಲೆಯಲ್ಲಿ ಸಂಖ್ಯೆ ವರ್ಷದಲ್ಲಿ ಹೆಚ್ಚಳವಾಗಿ 1992 ರಲ್ಲಿ ಮೇಲ್ದರ್ಜೆಗೆ ಏರಿಸಲಾಯಿತು.

ಶಾಲೆಯು ಮಾಜಿ ವಿದ್ಯಾರ್ಥಿಗಳು ಸೇರಿಕೊಂಡು ಸಂಭ್ರಮಾಚರಣೆಗೆ ಸಿದ್ಧತೆ ನಡೆಸಿದ್ದಾರೆ. ಹಳೆಯ ವಿದ್ಯಾರ್ಥಿಗಳ ಸಮ್ಮಿಲನ, ಸಾಂಸ್ಕೃತಿಕ ಕಾರ್ಯಕ್ರಮ ಹಾಗೂ ಸನ್ಮಾನ ಸಮಾರಂಭ ಹಮ್ಮಿಕೊಳ್ಳಲಾಗಿದೆ ಎಂದು ಅಧಿಕಾರಿಗಳು ತಿಳಿಸಿದ್ದಾರೆ.

ಶಿಕ್ಷಕರ ಪ್ರಗತಿ ಎಲ್ಲಾ ದಾನಿಗಳ ಅಧ್ಯಕ್ಷರು, ಸದಸ್ಯರು, ಮುಖಂಡರು, ಮತ್ತು ಮಾಜಿ ವಿದ್ಯಾರ್ಥಿಗಳು, ಊರಿನ ಪ್ರಮುಖರು ಪಾಲ್ಗೊಳ್ಳುವಂತೆ ಕೋರಲಾಗಿದೆ. ಸಮಾರಂಭದಲ್ಲಿ ಅನೇಕ ಗಣ್ಯರು ಭಾಗವಹಿಸಲಿದ್ದಾರೆ.

ಶಾಲೆಯ 125ನೇ ವರ್ಷದ ಸಂಭ್ರಮಾಚರಣೆ ಗ್ರಾಮದ ಎಲ್ಲಾ ಜನರ ಸಹಕಾರದೊಂದಿಗೆ ಅರ್ಥಪೂರ್ಣವಾಗಿ ನಡೆಯಲಿದೆ ಎಂದು ಆಯೋಜಕರು ವಿಶ್ವಾಸ ವ್ಯಕ್ತಪಡಿಸಿದ್ದಾರೆ.
